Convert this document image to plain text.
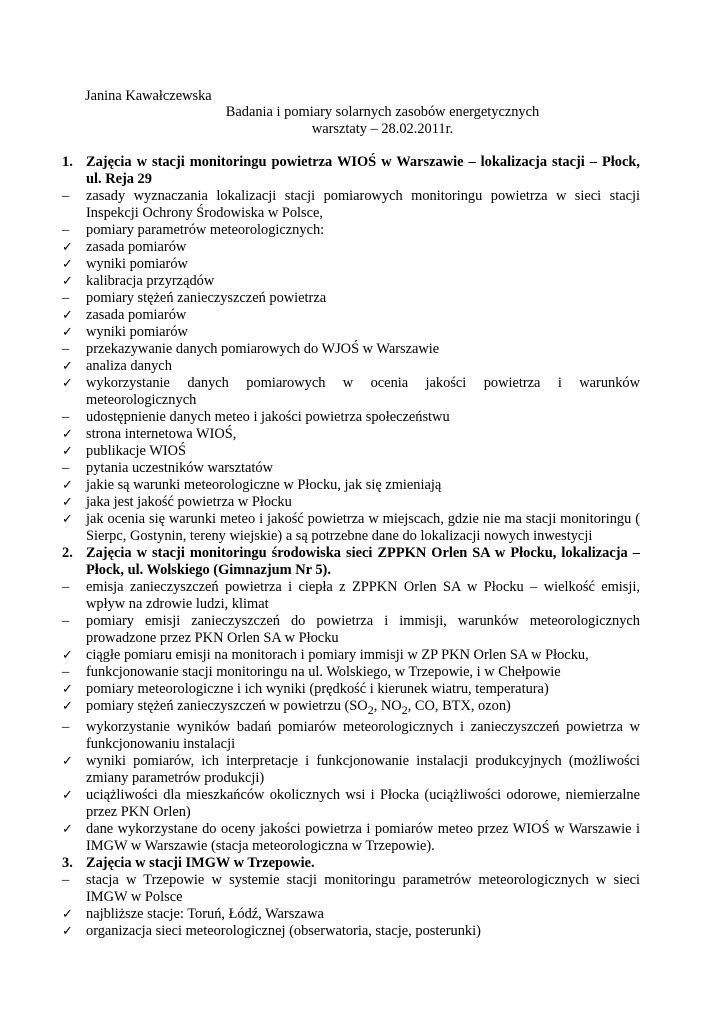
Janina Kawałczewska
Badania i pomiary solarnych zasobów energetycznych
warsztaty – 28.02.2011r.
1. Zajęcia w stacji monitoringu powietrza WIOŚ w Warszawie – lokalizacja stacji – Płock, ul. Reja 29
–	zasady wyznaczania lokalizacji stacji pomiarowych monitoringu powietrza w sieci stacji Inspekcji Ochrony Środowiska w Polsce,
–	pomiary parametrów meteorologicznych:
✓ zasada pomiarów
✓ wyniki pomiarów
✓ kalibracja przyrządów
–	pomiary stężeń zanieczyszczeń powietrza
✓ zasada pomiarów
✓ wyniki pomiarów
–	przekazywanie danych pomiarowych do WJOŚ w Warszawie
✓ analiza danych
✓ wykorzystanie danych pomiarowych w ocenia jakości powietrza i warunków meteorologicznych
–	udostępnienie danych meteo i jakości powietrza społeczeństwu
✓ strona internetowa WIOŚ,
✓ publikacje WIOŚ
–	pytania uczestników warsztatów
✓ jakie są warunki meteorologiczne w Płocku, jak się zmieniają
✓ jaka jest jakość powietrza w Płocku
✓ jak ocenia się warunki meteo i jakość powietrza w miejscach, gdzie nie ma stacji monitoringu ( Sierpc, Gostynin, tereny wiejskie) a są potrzebne dane do lokalizacji nowych inwestycji
2. Zajęcia w stacji monitoringu środowiska sieci ZPPKN Orlen SA w Płocku, lokalizacja – Płock, ul. Wolskiego (Gimnazjum Nr 5).
–	emisja zanieczyszczeń powietrza i ciepła z ZPPKN Orlen SA w Płocku – wielkość emisji, wpływ na zdrowie ludzi, klimat
–	pomiary emisji zanieczyszczeń do powietrza i immisji, warunków meteorologicznych prowadzone przez PKN Orlen SA w Płocku
✓ ciągłe pomiaru emisji na monitorach i pomiary immisji w ZP PKN Orlen SA w Płocku,
–	funkcjonowanie stacji monitoringu na ul. Wolskiego, w Trzepowie, i w Chełpowie
✓ pomiary meteorologiczne i ich wyniki (prędkość i kierunek wiatru, temperatura)
✓ pomiary stężeń zanieczyszczeń w powietrzu ($SO_2$, $NO_2$, CO, BTX, ozon)
–	wykorzystanie wyników badań pomiarów meteorologicznych i zanieczyszczeń powietrza w funkcjonowaniu instalacji
✓ wyniki pomiarów, ich interpretacje i funkcjonowanie instalacji produkcyjnych (możliwości zmiany parametrów produkcji)
✓ uciążliwości dla mieszkańców okolicznych wsi i Płocka (uciążliwości odorowe, niemierzalne przez PKN Orlen)
✓ dane wykorzystane do oceny jakości powietrza i pomiarów meteo przez WIOŚ w Warszawie i IMGW w Warszawie (stacja meteorologiczna w Trzepowie).
3. Zajęcia w stacji IMGW w Trzepowie.
–	stacja w Trzepowie w systemie stacji monitoringu parametrów meteorologicznych w sieci IMGW w Polsce
✓ najbliższe stacje: Toruń, Łódź, Warszawa
✓ organizacja sieci meteorologicznej (obserwatoria, stacje, posterunki)
